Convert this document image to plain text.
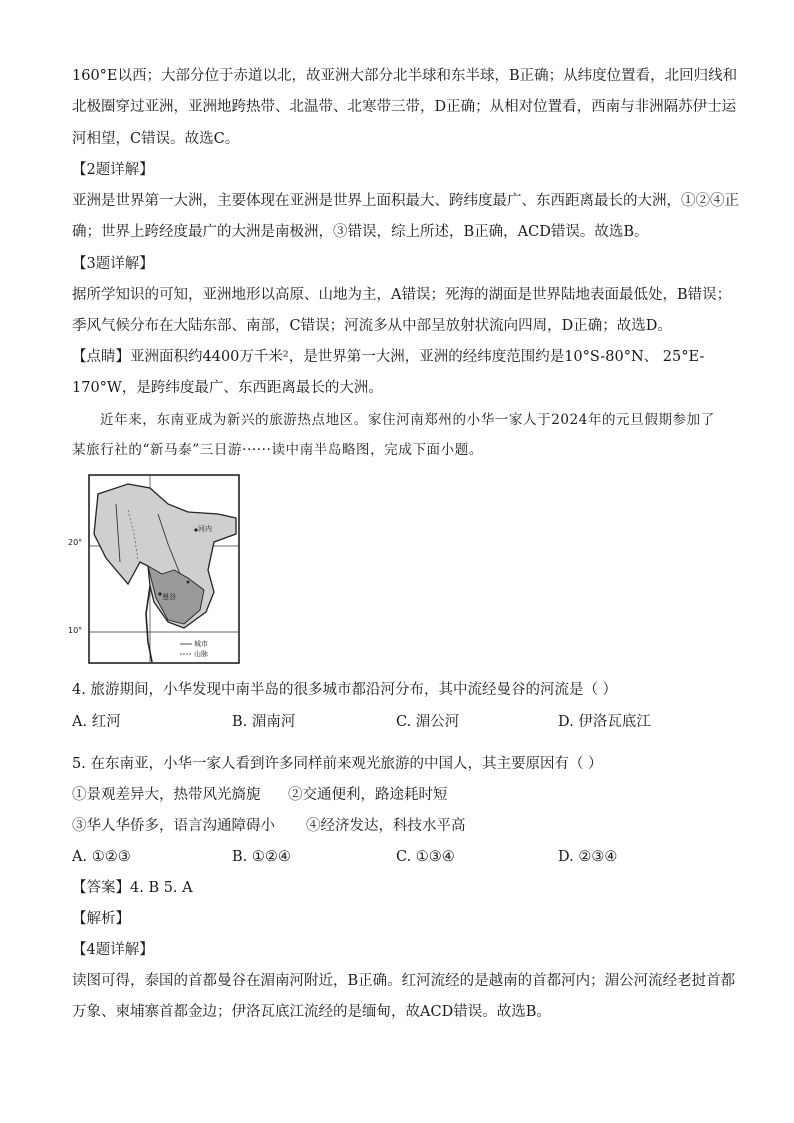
160°E以西；大部分位于赤道以北，故亚洲大部分北半球和东半球，B正确；从纬度位置看，北回归线和
北极圈穿过亚洲，亚洲地跨热带、北温带、北寒带三带，D正确；从相对位置看，西南与非洲隔苏伊士运
河相望，C错误。故选C。
【2题详解】
亚洲是世界第一大洲，主要体现在亚洲是世界上面积最大、跨纬度最广、东西距离最长的大洲，①②④正
确；世界上跨经度最广的大洲是南极洲，③错误，综上所述，B正确，ACD错误。故选B。
【3题详解】
据所学知识的可知，亚洲地形以高原、山地为主，A错误；死海的湖面是世界陆地表面最低处，B错误；
季风气候分布在大陆东部、南部，C错误；河流多从中部呈放射状流向四周，D正确；故选D。
【点睛】亚洲面积约4400万千米²，是世界第一大洲，亚洲的经纬度范围约是10°S-80°N、 25°E-
170°W，是跨纬度最广、东西距离最长的大洲。
近年来，东南亚成为新兴的旅游热点地区。家住河南郑州的小华一家人于2024年的元旦假期参加了
某旅行社的“新马泰”三日游······读中南半岛略图，完成下面小题。
20°
10°
河内
曼谷
城市
山脉
4. 旅游期间，小华发现中南半岛的很多城市都沿河分布，其中流经曼谷的河流是（ ）
A. 红河	B. 湄南河	C. 湄公河	D. 伊洛瓦底江
5. 在东南亚，小华一家人看到许多同样前来观光旅游的中国人，其主要原因有（ ）
①景观差异大，热带风光旖旎 ②交通便利，路途耗时短
③华人华侨多，语言沟通障碍小 ④经济发达，科技水平高
A. ①②③	B. ①②④	C. ①③④	D. ②③④
【答案】4. B 5. A
【解析】
【4题详解】
读图可得，泰国的首都曼谷在湄南河附近，B正确。红河流经的是越南的首都河内；湄公河流经老挝首都
万象、柬埔寨首都金边；伊洛瓦底江流经的是缅甸，故ACD错误。故选B。
